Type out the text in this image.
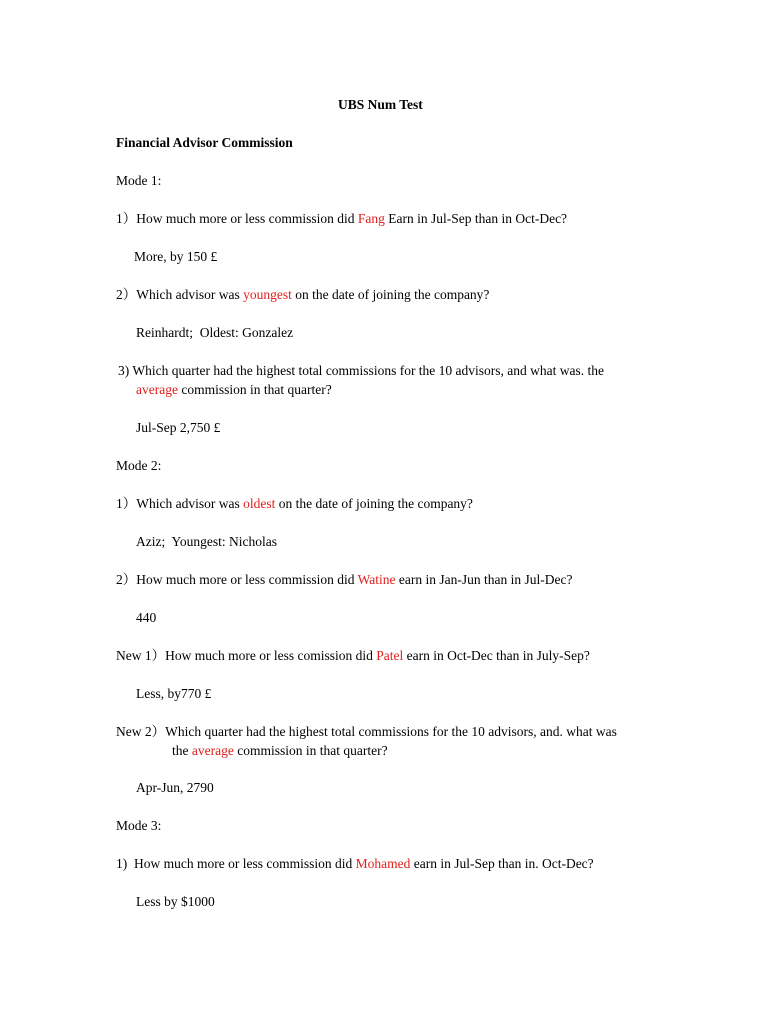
UBS Num Test
Financial Advisor Commission
Mode 1:
1）How much more or less commission did Fang Earn in Jul-Sep than in Oct-Dec?
More, by 150 £
2）Which advisor was youngest on the date of joining the company?
Reinhardt;  Oldest: Gonzalez
3) Which quarter had the highest total commissions for the 10 advisors, and what was. the
average commission in that quarter?
Jul-Sep 2,750 £
Mode 2:
1）Which advisor was oldest on the date of joining the company?
Aziz;  Youngest: Nicholas
2）How much more or less commission did Watine earn in Jan-Jun than in Jul-Dec?
440
New 1）How much more or less comission did Patel earn in Oct-Dec than in July-Sep?
Less, by770 £
New 2）Which quarter had the highest total commissions for the 10 advisors, and. what was
the average commission in that quarter?
Apr-Jun, 2790
Mode 3:
1)  How much more or less commission did Mohamed earn in Jul-Sep than in. Oct-Dec?
Less by $1000
